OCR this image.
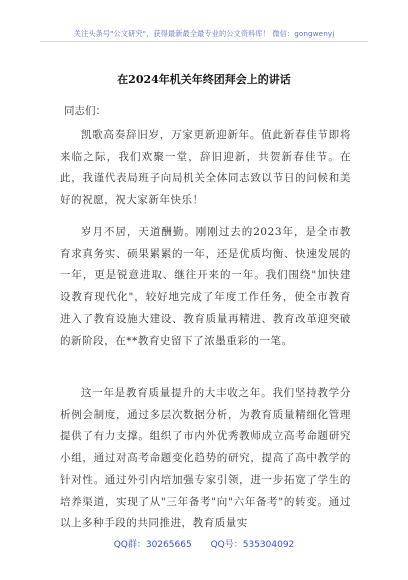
关注头条号"公文研究"，获得最新最全最专业的公文资料库！ 微信：gongwenyj
在2024年机关年终团拜会上的讲话
同志们：

凯歌高奏辞旧岁，万家更新迎新年。值此新春佳节即将来临之际，我们欢聚一堂，辞旧迎新，共贺新春佳节。在此，我谨代表局班子向局机关全体同志致以节日的问候和美好的祝愿，祝大家新年快乐！

岁月不居，天道酬勤。刚刚过去的2023年，是全市教育求真务实、硕果累累的一年，还是优质均衡、快速发展的一年，更是锐意进取、继往开来的一年。我们围绕"加快建设教育现代化"，较好地完成了年度工作任务，使全市教育进入了教育设施大建设、教育质量再精进、教育改革迎突破的新阶段，在**教育史留下了浓墨重彩的一笔。

这一年是教育质量提升的大丰收之年。我们坚持教学分析例会制度，通过多层次数据分析，为教育质量精细化管理提供了有力支撑。组织了市内外优秀教师成立高考命题研究小组，通过对高考命题变化趋势的研究，提高了高中教学的针对性。通过外引内培加强专家引领，进一步拓宽了学生的培养渠道，实现了从"三年备考"向"六年备考"的转变。通过以上多种手段的共同推进，教育质量实

QQ群：30265665 QQ号：535304092
